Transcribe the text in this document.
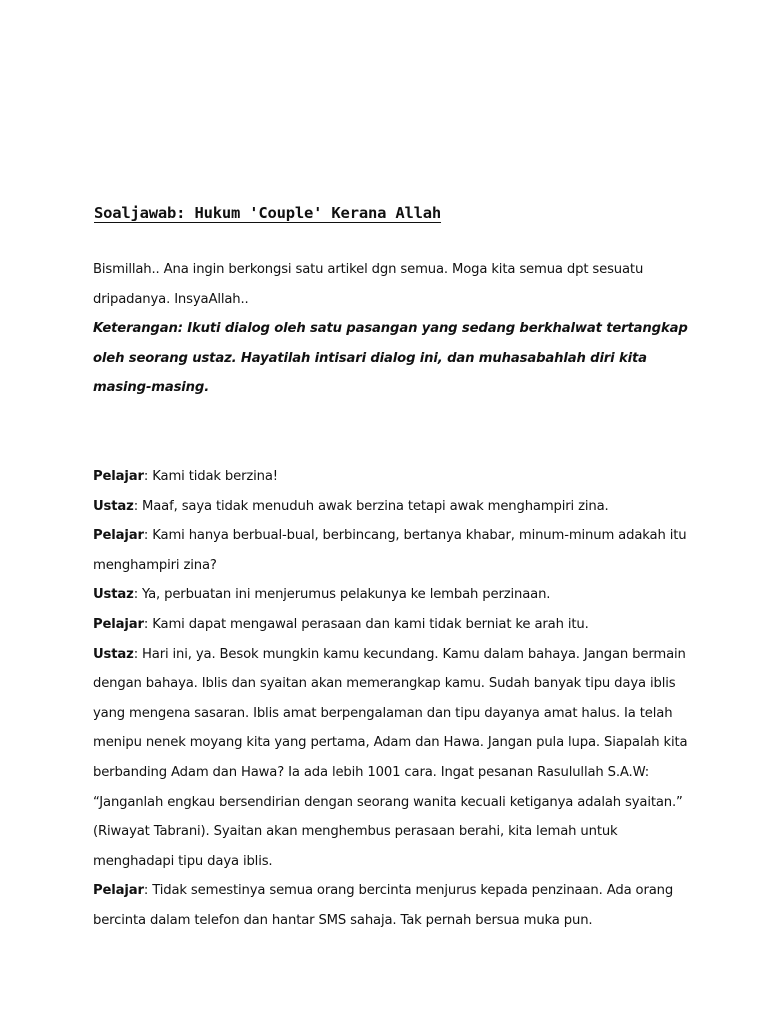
Soaljawab: Hukum 'Couple' Kerana Allah

Bismillah.. Ana ingin berkongsi satu artikel dgn semua. Moga kita semua dpt sesuatu dripadanya. InsyaAllah..

Keterangan: Ikuti dialog oleh satu pasangan yang sedang berkhalwat tertangkap oleh seorang ustaz. Hayatilah intisari dialog ini, dan muhasabahlah diri kita masing-masing.

Pelajar: Kami tidak berzina!

Ustaz: Maaf, saya tidak menuduh awak berzina tetapi awak menghampiri zina.

Pelajar: Kami hanya berbual-bual, berbincang, bertanya khabar, minum-minum adakah itu menghampiri zina?

Ustaz: Ya, perbuatan ini menjerumus pelakunya ke lembah perzinaan.

Pelajar: Kami dapat mengawal perasaan dan kami tidak berniat ke arah itu.

Ustaz: Hari ini, ya. Besok mungkin kamu kecundang. Kamu dalam bahaya. Jangan bermain dengan bahaya. Iblis dan syaitan akan memerangkap kamu. Sudah banyak tipu daya iblis yang mengena sasaran. Iblis amat berpengalaman dan tipu dayanya amat halus. Ia telah menipu nenek moyang kita yang pertama, Adam dan Hawa. Jangan pula lupa. Siapalah kita berbanding Adam dan Hawa? Ia ada lebih 1001 cara. Ingat pesanan Rasulullah S.A.W: “Janganlah engkau bersendirian dengan seorang wanita kecuali ketiganya adalah syaitan.” (Riwayat Tabrani). Syaitan akan menghembus perasaan berahi, kita lemah untuk menghadapi tipu daya iblis.

Pelajar: Tidak semestinya semua orang bercinta menjurus kepada penzinaan. Ada orang bercinta dalam telefon dan hantar SMS sahaja. Tak pernah bersua muka pun.
